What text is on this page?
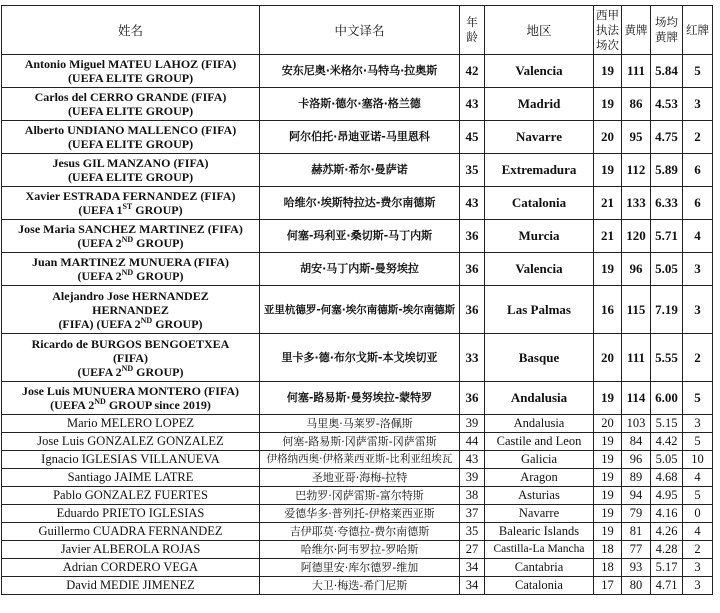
姓名	中文译名	年龄	地区	西甲执法场次	黄牌	场均黄牌	红牌
Antonio Miguel MATEU LAHOZ (FIFA)
(UEFA ELITE GROUP)	安东尼奥·米格尔·马特乌·拉奥斯	42	Valencia	19	111	5.84	5
Carlos del CERRO GRANDE (FIFA)
(UEFA ELITE GROUP)	卡洛斯·德尔·塞洛·格兰德	43	Madrid	19	86	4.53	3
Alberto UNDIANO MALLENCO (FIFA)
(UEFA ELITE GROUP)	阿尔伯托·昂迪亚诺-马里恩科	45	Navarre	20	95	4.75	2
Jesus GIL MANZANO (FIFA)
(UEFA ELITE GROUP)	赫苏斯·希尔·曼萨诺	35	Extremadura	19	112	5.89	6
Xavier ESTRADA FERNANDEZ (FIFA)
(UEFA 1ST GROUP)	哈维尔·埃斯特拉达-费尔南德斯	43	Catalonia	21	133	6.33	6
Jose Maria SANCHEZ MARTINEZ (FIFA)
(UEFA 2ND GROUP)	何塞-玛利亚·桑切斯-马丁内斯	36	Murcia	21	120	5.71	4
Juan MARTINEZ MUNUERA (FIFA)
(UEFA 2ND GROUP)	胡安·马丁内斯-曼努埃拉	36	Valencia	19	96	5.05	3
Alejandro Jose HERNANDEZ
HERNANDEZ
(FIFA) (UEFA 2ND GROUP)	亚里杭德罗-何塞·埃尔南德斯-埃尔南德斯	36	Las Palmas	16	115	7.19	3
Ricardo de BURGOS BENGOETXEA
(FIFA)
(UEFA 2ND GROUP)	里卡多·德·布尔戈斯-本戈埃切亚	33	Basque	20	111	5.55	2
Jose Luis MUNUERA MONTERO (FIFA)
(UEFA 2ND GROUP since 2019)	何塞-路易斯·曼努埃拉-蒙特罗	36	Andalusia	19	114	6.00	5
Mario MELERO LOPEZ	马里奥·马莱罗-洛佩斯	39	Andalusia	20	103	5.15	3
Jose Luis GONZALEZ GONZALEZ	何塞-路易斯·冈萨雷斯-冈萨雷斯	44	Castile and Leon	19	84	4.42	5
Ignacio IGLESIAS VILLANUEVA	伊格纳西奥·伊格莱西亚斯-比利亚纽埃瓦	43	Galicia	19	96	5.05	10
Santiago JAIME LATRE	圣地亚哥·海梅-拉特	39	Aragon	19	89	4.68	4
Pablo GONZALEZ FUERTES	巴勃罗·冈萨雷斯-富尔特斯	38	Asturias	19	94	4.95	5
Eduardo PRIETO IGLESIAS	爱德华多·普列托-伊格莱西亚斯	37	Navarre	19	79	4.16	0
Guillermo CUADRA FERNANDEZ	吉伊耶莫·夸德拉-费尔南德斯	35	Balearic Islands	19	81	4.26	4
Javier ALBEROLA ROJAS	哈维尔·阿韦罗拉-罗哈斯	27	Castilla-La Mancha	18	77	4.28	2
Adrian CORDERO VEGA	阿德里安·库尔德罗-维加	34	Cantabria	18	93	5.17	3
David MEDIE JIMENEZ	大卫·梅迭-希门尼斯	34	Catalonia	17	80	4.71	3
